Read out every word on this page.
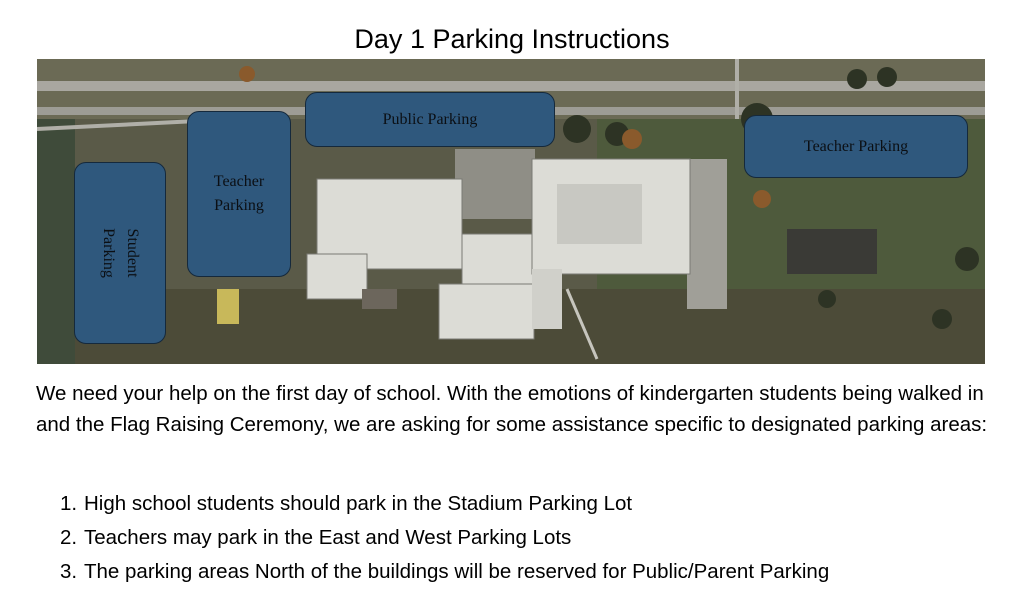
Day 1 Parking Instructions
Public Parking
Teacher Parking
Teacher
Parking
Student
Parking
We need your help on the first day of school. With the emotions of kindergarten students being walked in and the Flag Raising Ceremony, we are asking for some assistance specific to designated parking areas:
1. High school students should park in the Stadium Parking Lot
2. Teachers may park in the East and West Parking Lots
3. The parking areas North of the buildings will be reserved for Public/Parent Parking
